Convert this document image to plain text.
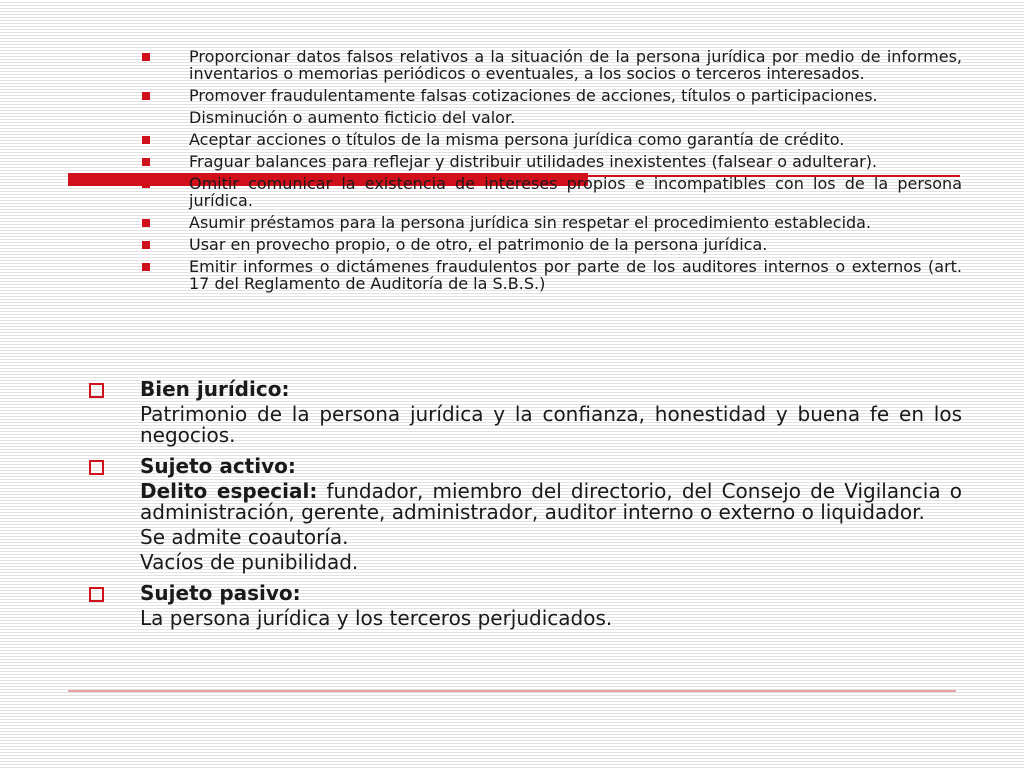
Proporcionar datos falsos relativos a la situación de la persona jurídica por medio de informes, inventarios o memorias periódicos o eventuales, a los socios o terceros interesados.
Promover fraudulentamente falsas cotizaciones de acciones, títulos o participaciones.
Disminución o aumento ficticio del valor.
Aceptar acciones o títulos de la misma persona jurídica como garantía de crédito.
Fraguar balances para reflejar y distribuir utilidades inexistentes (falsear o adulterar).
Omitir comunicar la existencia de intereses propios e incompatibles con los de la persona jurídica.
Asumir préstamos para la persona jurídica sin respetar el procedimiento establecida.
Usar en provecho propio, o de otro, el patrimonio de la persona jurídica.
Emitir informes o dictámenes fraudulentos por parte de los auditores internos o externos (art. 17 del Reglamento de Auditoría de la S.B.S.)
Bien jurídico:
Patrimonio de la persona jurídica y la confianza, honestidad y buena fe en los negocios.
Sujeto activo:
Delito especial: fundador, miembro del directorio, del Consejo de Vigilancia o administración, gerente, administrador, auditor interno o externo o liquidador.
Se admite coautoría.
Vacíos de punibilidad.
Sujeto pasivo:
La persona jurídica y los terceros perjudicados.
